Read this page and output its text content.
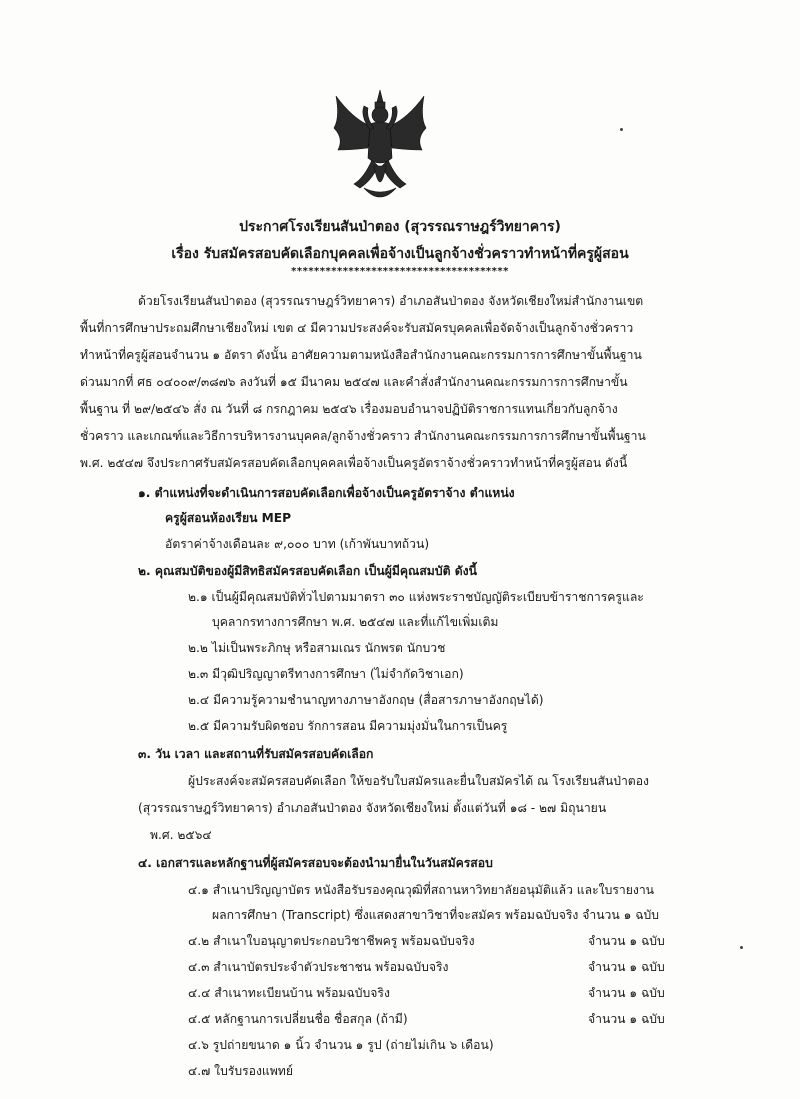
ประกาศโรงเรียนสันป่าตอง (สุวรรณราษฎร์วิทยาคาร)
เรื่อง รับสมัครสอบคัดเลือกบุคคลเพื่อจ้างเป็นลูกจ้างชั่วคราวทำหน้าที่ครูผู้สอน
**************************************
ด้วยโรงเรียนสันป่าตอง (สุวรรณราษฎร์วิทยาคาร) อำเภอสันป่าตอง จังหวัดเชียงใหม่สำนักงานเขต
พื้นที่การศึกษาประถมศึกษาเชียงใหม่ เขต ๔ มีความประสงค์จะรับสมัครบุคคลเพื่อจัดจ้างเป็นลูกจ้างชั่วคราว
ทำหน้าที่ครูผู้สอนจำนวน ๑ อัตรา ดังนั้น อาศัยความตามหนังสือสำนักงานคณะกรรมการการศึกษาขั้นพื้นฐาน
ด่วนมากที่ ศธ ๐๔๐๐๙/๓๘๗๖ ลงวันที่ ๑๕ มีนาคม ๒๕๔๗ และคำสั่งสำนักงานคณะกรรมการการศึกษาขั้น
พื้นฐาน ที่ ๒๙/๒๕๔๖ สั่ง ณ วันที่ ๘ กรกฎาคม ๒๕๔๖ เรื่องมอบอำนาจปฏิบัติราชการแทนเกี่ยวกับลูกจ้าง
ชั่วคราว และเกณฑ์และวิธีการบริหารงานบุคคล/ลูกจ้างชั่วคราว สำนักงานคณะกรรมการการศึกษาขั้นพื้นฐาน
พ.ศ. ๒๕๔๗ จึงประกาศรับสมัครสอบคัดเลือกบุคคลเพื่อจ้างเป็นครูอัตราจ้างชั่วคราวทำหน้าที่ครูผู้สอน ดังนี้
๑. ตำแหน่งที่จะดำเนินการสอบคัดเลือกเพื่อจ้างเป็นครูอัตราจ้าง ตำแหน่ง
ครูผู้สอนห้องเรียน MEP
อัตราค่าจ้างเดือนละ ๙,๐๐๐ บาท (เก้าพันบาทถ้วน)
๒. คุณสมบัติของผู้มีสิทธิสมัครสอบคัดเลือก เป็นผู้มีคุณสมบัติ ดังนี้
๒.๑ เป็นผู้มีคุณสมบัติทั่วไปตามมาตรา ๓๐ แห่งพระราชบัญญัติระเบียบข้าราชการครูและ
บุคลากรทางการศึกษา พ.ศ. ๒๕๔๗ และที่แก้ไขเพิ่มเติม
๒.๒ ไม่เป็นพระภิกษุ หรือสามเณร นักพรต นักบวช
๒.๓ มีวุฒิปริญญาตรีทางการศึกษา (ไม่จำกัดวิชาเอก)
๒.๔ มีความรู้ความชำนาญทางภาษาอังกฤษ (สื่อสารภาษาอังกฤษได้)
๒.๕ มีความรับผิดชอบ รักการสอน มีความมุ่งมั่นในการเป็นครู
๓. วัน เวลา และสถานที่รับสมัครสอบคัดเลือก
ผู้ประสงค์จะสมัครสอบคัดเลือก ให้ขอรับใบสมัครและยื่นใบสมัครได้ ณ โรงเรียนสันป่าตอง
(สุวรรณราษฎร์วิทยาคาร) อำเภอสันป่าตอง จังหวัดเชียงใหม่ ตั้งแต่วันที่ ๑๘ - ๒๗ มิถุนายน
พ.ศ. ๒๕๖๔
๔. เอกสารและหลักฐานที่ผู้สมัครสอบจะต้องนำมายื่นในวันสมัครสอบ
๔.๑ สำเนาปริญญาบัตร หนังสือรับรองคุณวุฒิที่สถานหาวิทยาลัยอนุมัติแล้ว และใบรายงาน
ผลการศึกษา (Transcript) ซึ่งแสดงสาขาวิชาที่จะสมัคร พร้อมฉบับจริง จำนวน ๑ ฉบับ
๔.๒ สำเนาใบอนุญาตประกอบวิชาชีพครู พร้อมฉบับจริง	จำนวน ๑ ฉบับ
๔.๓ สำเนาบัตรประจำตัวประชาชน พร้อมฉบับจริง	จำนวน ๑ ฉบับ
๔.๔ สำเนาทะเบียนบ้าน พร้อมฉบับจริง	จำนวน ๑ ฉบับ
๔.๕ หลักฐานการเปลี่ยนชื่อ ชื่อสกุล (ถ้ามี)	จำนวน ๑ ฉบับ
๔.๖ รูปถ่ายขนาด ๑ นิ้ว จำนวน ๑ รูป (ถ่ายไม่เกิน ๖ เดือน)
๔.๗ ใบรับรองแพทย์
